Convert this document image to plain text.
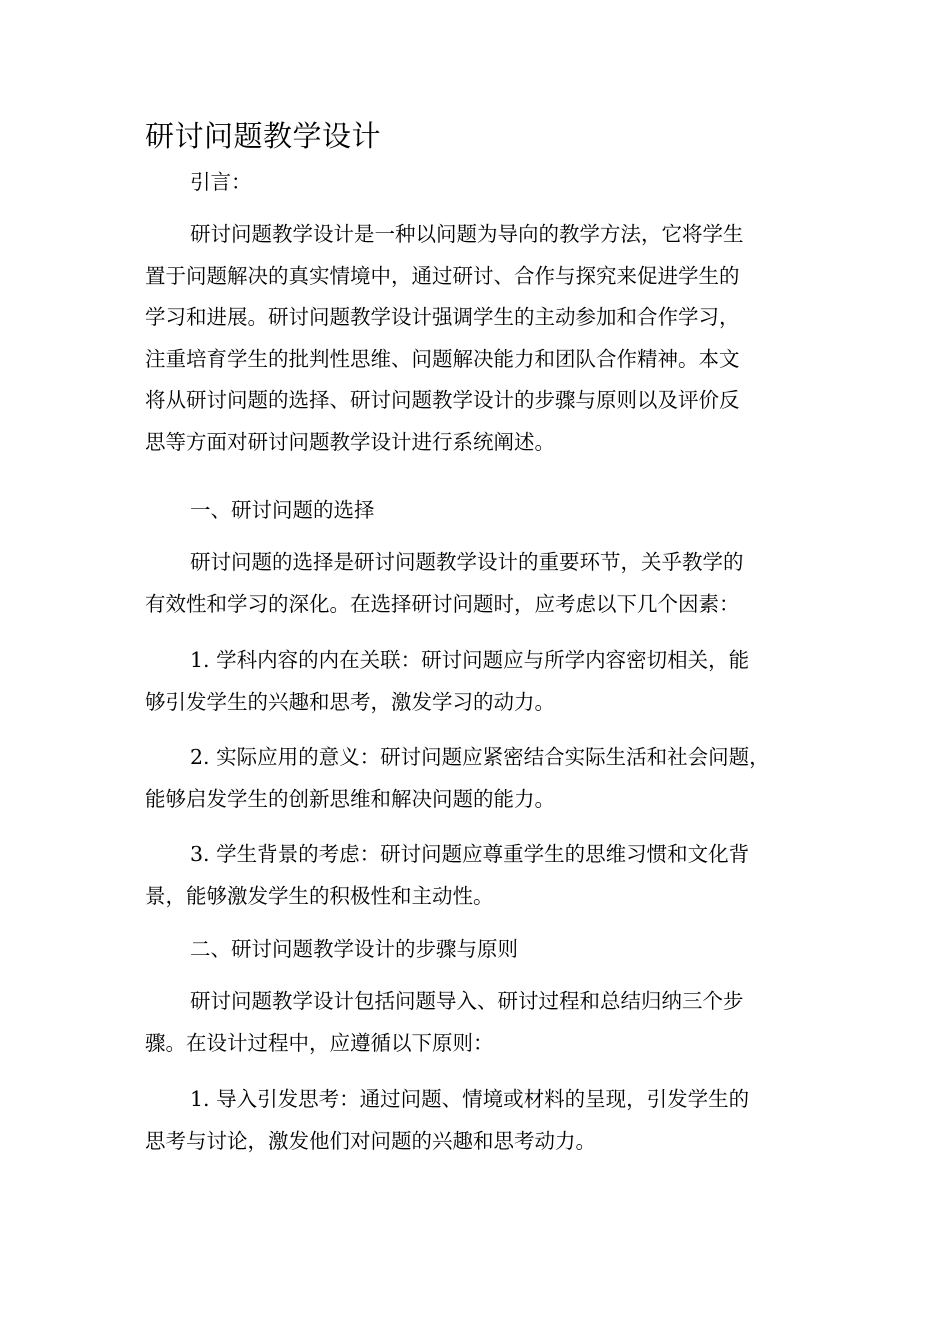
研讨问题教学设计

引言：

研讨问题教学设计是一种以问题为导向的教学方法，它将学生
置于问题解决的真实情境中，通过研讨、合作与探究来促进学生的
学习和进展。研讨问题教学设计强调学生的主动参加和合作学习，
注重培育学生的批判性思维、问题解决能力和团队合作精神。本文
将从研讨问题的选择、研讨问题教学设计的步骤与原则以及评价反
思等方面对研讨问题教学设计进行系统阐述。

一、研讨问题的选择

研讨问题的选择是研讨问题教学设计的重要环节，关乎教学的
有效性和学习的深化。在选择研讨问题时，应考虑以下几个因素：

1. 学科内容的内在关联：研讨问题应与所学内容密切相关，能
够引发学生的兴趣和思考，激发学习的动力。

2. 实际应用的意义：研讨问题应紧密结合实际生活和社会问题，
能够启发学生的创新思维和解决问题的能力。

3. 学生背景的考虑：研讨问题应尊重学生的思维习惯和文化背
景，能够激发学生的积极性和主动性。

二、研讨问题教学设计的步骤与原则

研讨问题教学设计包括问题导入、研讨过程和总结归纳三个步
骤。在设计过程中，应遵循以下原则：

1. 导入引发思考：通过问题、情境或材料的呈现，引发学生的
思考与讨论，激发他们对问题的兴趣和思考动力。
